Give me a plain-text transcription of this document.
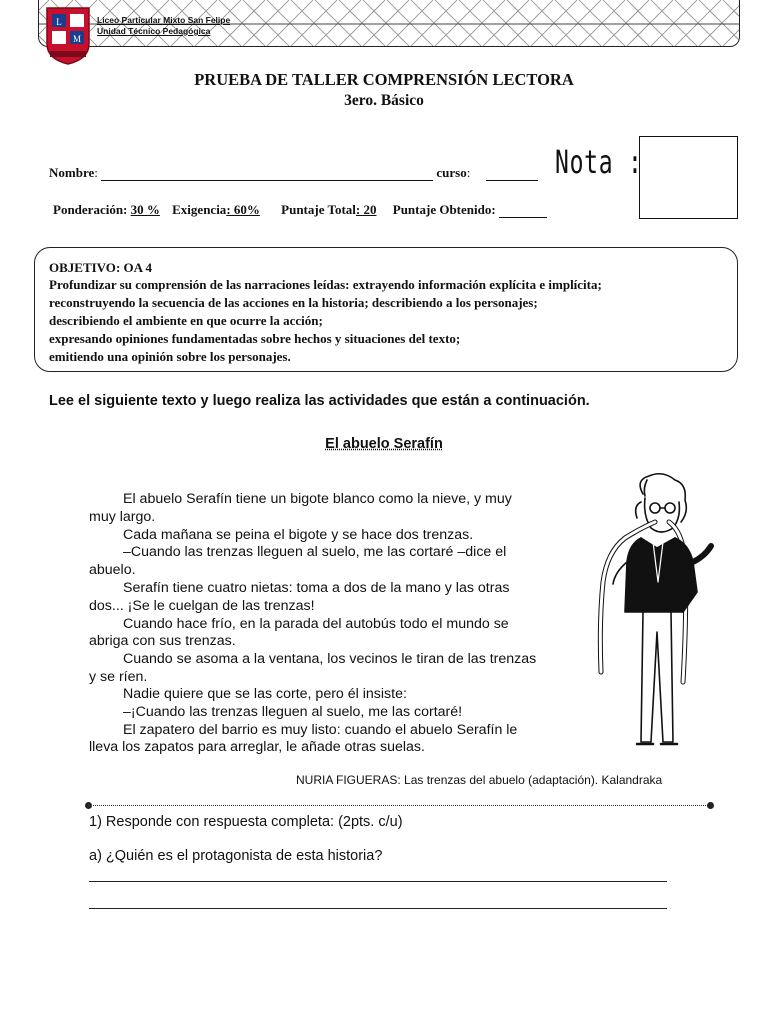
Liceo Particular Mixto San Felipe
Unidad Técnico Pedagógica
L
M
PRUEBA DE TALLER COMPRENSIÓN LECTORA
3ero. Básico
Nombre:	curso:	Nota :
Ponderación: 30 % Exigencia: 60% Puntaje Total: 20 Puntaje Obtenido:
OBJETIVO: OA 4
Profundizar su comprensión de las narraciones leídas: extrayendo información explícita e implícita;
reconstruyendo la secuencia de las acciones en la historia; describiendo a los personajes;
describiendo el ambiente en que ocurre la acción;
expresando opiniones fundamentadas sobre hechos y situaciones del texto;
emitiendo una opinión sobre los personajes.
Lee el siguiente texto y luego realiza las actividades que están a continuación.
El abuelo Serafín
El abuelo Serafín tiene un bigote blanco como la nieve, y muy
muy largo.
Cada mañana se peina el bigote y se hace dos trenzas.
–Cuando las trenzas lleguen al suelo, me las cortaré –dice el
abuelo.
Serafín tiene cuatro nietas: toma a dos de la mano y las otras
dos... ¡Se le cuelgan de las trenzas!
Cuando hace frío, en la parada del autobús todo el mundo se
abriga con sus trenzas.
Cuando se asoma a la ventana, los vecinos le tiran de las trenzas
y se ríen.
Nadie quiere que se las corte, pero él insiste:
–¡Cuando las trenzas lleguen al suelo, me las cortaré!
El zapatero del barrio es muy listo: cuando el abuelo Serafín le
lleva los zapatos para arreglar, le añade otras suelas.
NURIA FIGUERAS: Las trenzas del abuelo (adaptación). Kalandraka
1) Responde con respuesta completa: (2pts. c/u)
a) ¿Quién es el protagonista de esta historia?
